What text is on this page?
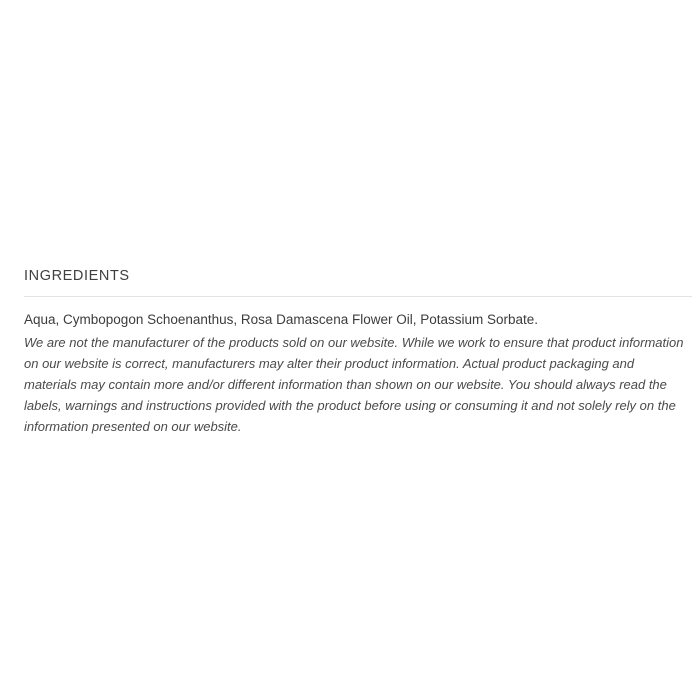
INGREDIENTS

Aqua, Cymbopogon Schoenanthus, Rosa Damascena Flower Oil, Potassium Sorbate.

We are not the manufacturer of the products sold on our website. While we work to ensure that product information on our website is correct, manufacturers may alter their product information. Actual product packaging and materials may contain more and/or different information than shown on our website. You should always read the labels, warnings and instructions provided with the product before using or consuming it and not solely rely on the information presented on our website.
